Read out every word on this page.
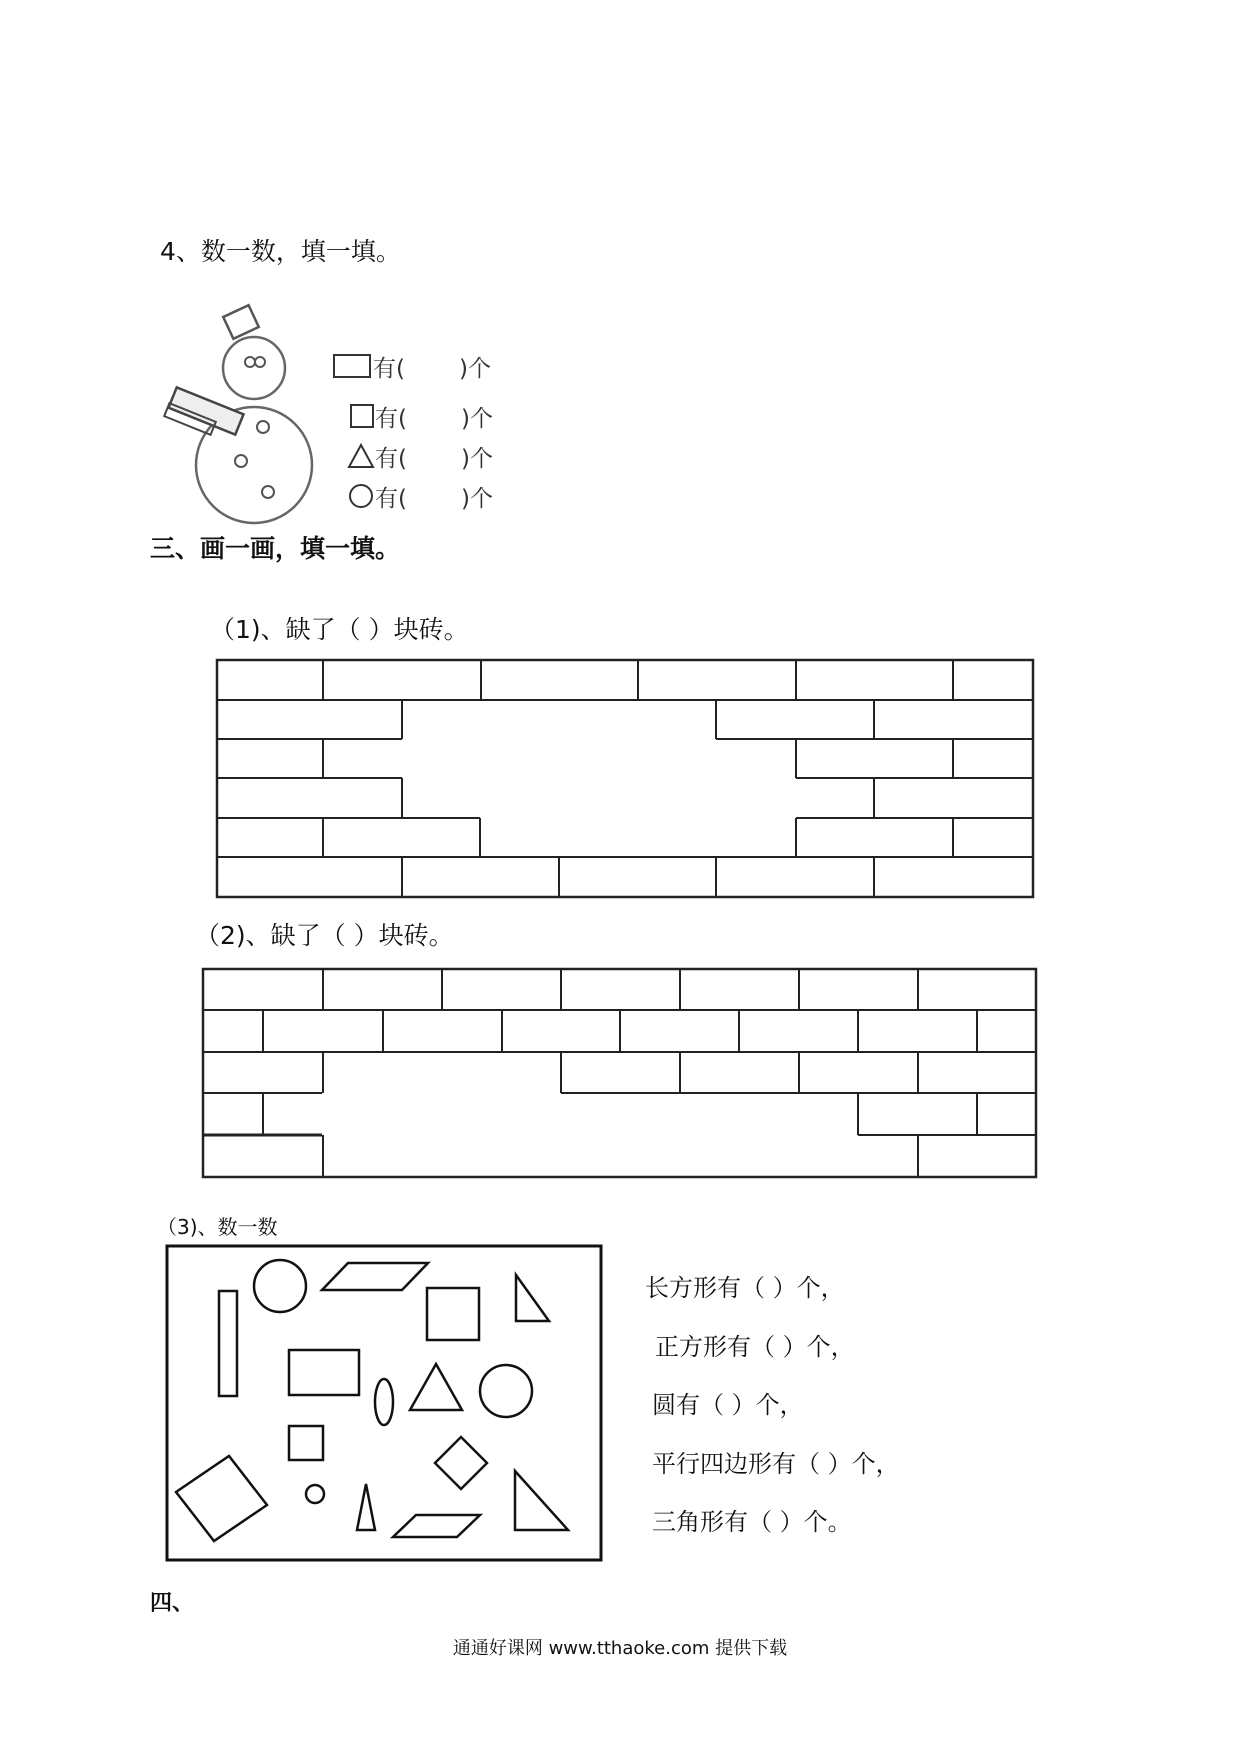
4、数一数，填一填。
有( )个
有( )个
有( )个
有( )个
三、画一画，填一填。
（1)、缺了（ ）块砖。
（2)、缺了（ ）块砖。
（3)、数一数
长方形有（ ）个，
正方形有（ ）个，
圆有（ ）个，
平行四边形有（ ）个，
三角形有（ ）个。
四、
通通好课网 www.tthaoke.com 提供下载
